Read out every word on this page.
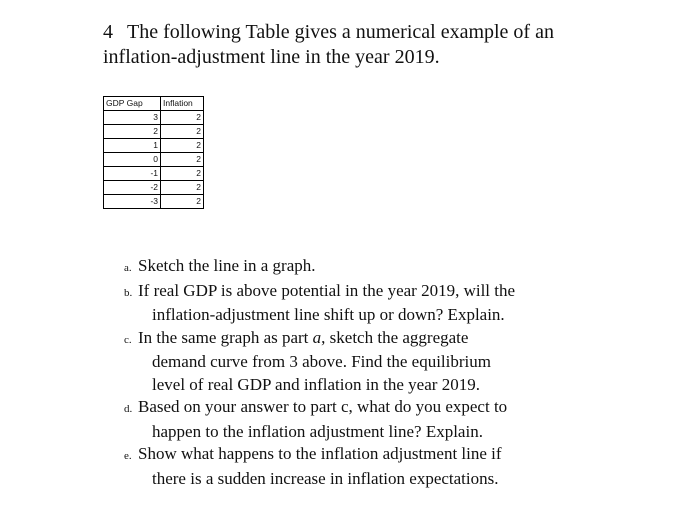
4 The following Table gives a numerical example of an
inflation-adjustment line in the year 2019.
GDP Gap	Inflation
3	2
2	2
1	2
0	2
-1	2
-2	2
-3	2
a. Sketch the line in a graph.
b. If real GDP is above potential in the year 2019, will the
inflation-adjustment line shift up or down? Explain.
c. In the same graph as part a, sketch the aggregate
demand curve from 3 above. Find the equilibrium
level of real GDP and inflation in the year 2019.
d. Based on your answer to part c, what do you expect to
happen to the inflation adjustment line? Explain.
e. Show what happens to the inflation adjustment line if
there is a sudden increase in inflation expectations.
